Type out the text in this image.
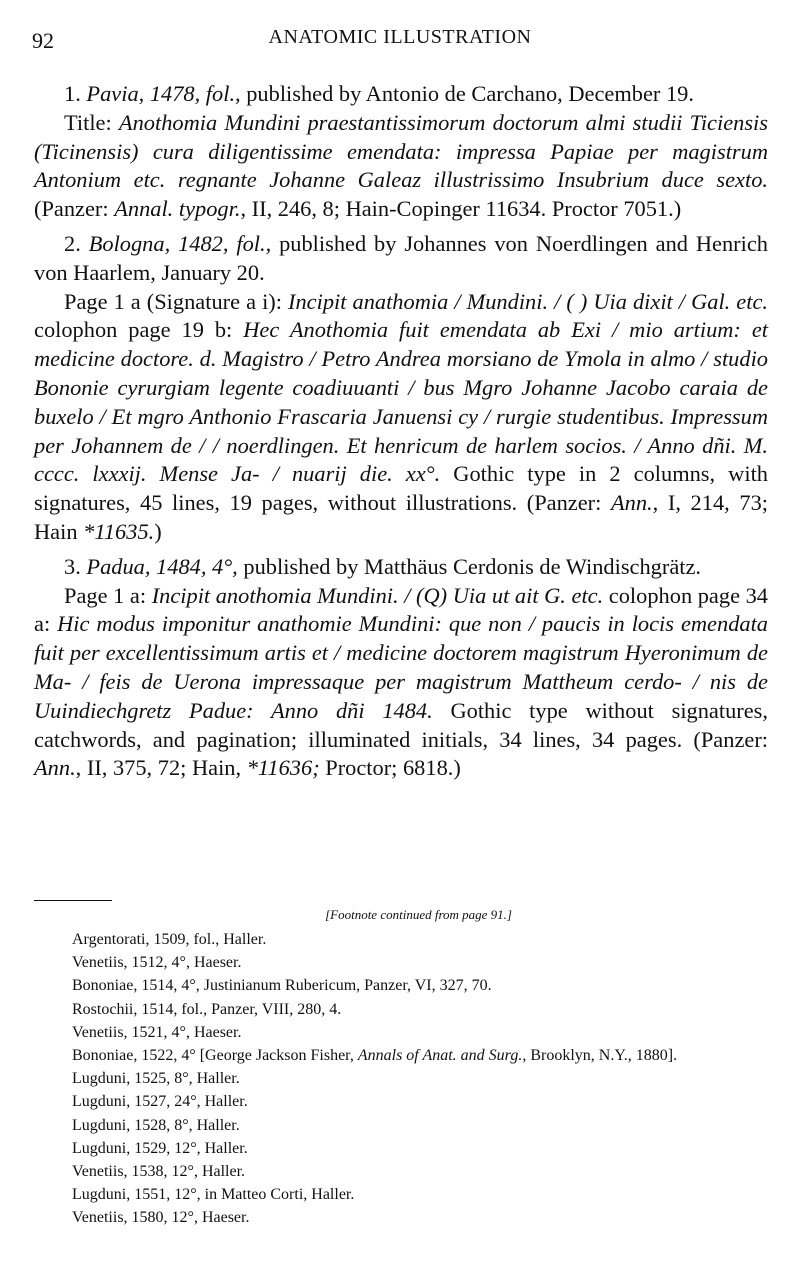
92	ANATOMIC ILLUSTRATION

1. Pavia, 1478, fol., published by Antonio de Carchano, December 19.

Title: Anothomia Mundini praestantissimorum doctorum almi studii Ticiensis (Ticinensis) cura diligentissime emendata: impressa Papiae per magistrum Antonium etc. regnante Johanne Galeaz illustrissimo Insubrium duce sexto. (Panzer: Annal. typogr., II, 246, 8; Hain-Copinger 11634. Proctor 7051.)

2. Bologna, 1482, fol., published by Johannes von Noerdlingen and Henrich von Haarlem, January 20.

Page 1 a (Signature a i): Incipit anathomia / Mundini. / ( ) Uia dixit / Gal. etc. colophon page 19 b: Hec Anothomia fuit emendata ab Exi / mio artium: et medicine doctore. d. Magistro / Petro Andrea morsiano de Ymola in almo / studio Bononie cyrurgiam legente coadiuuanti / bus Mgro Johanne Jacobo caraia de buxelo / Et mgro Anthonio Frascaria Januensi cy / rurgie studentibus. Impressum per Johannem de / / noerdlingen. Et henricum de harlem socios. / Anno dñi. M. cccc. lxxxij. Mense Ja- / nuarij die. xx°. Gothic type in 2 columns, with signatures, 45 lines, 19 pages, without illustrations. (Panzer: Ann., I, 214, 73; Hain *11635.)

3. Padua, 1484, 4°, published by Matthäus Cerdonis de Windischgrätz.

Page 1 a: Incipit anothomia Mundini. / (Q) Uia ut ait G. etc. colophon page 34 a: Hic modus imponitur anathomie Mundini: que non / paucis in locis emendata fuit per excellentissimum artis et / medicine doctorem magistrum Hyeronimum de Ma- / feis de Uerona impressaque per magistrum Mattheum cerdo- / nis de Uuindiechgretz Padue: Anno dñi 1484. Gothic type without signatures, catchwords, and pagination; illuminated initials, 34 lines, 34 pages. (Panzer: Ann., II, 375, 72; Hain, *11636; Proctor; 6818.)

[Footnote continued from page 91.]
Argentorati, 1509, fol., Haller.
Venetiis, 1512, 4°, Haeser.
Bononiae, 1514, 4°, Justinianum Rubericum, Panzer, VI, 327, 70.
Rostochii, 1514, fol., Panzer, VIII, 280, 4.
Venetiis, 1521, 4°, Haeser.
Bononiae, 1522, 4° [George Jackson Fisher, Annals of Anat. and Surg., Brooklyn, N.Y., 1880].
Lugduni, 1525, 8°, Haller.
Lugduni, 1527, 24°, Haller.
Lugduni, 1528, 8°, Haller.
Lugduni, 1529, 12°, Haller.
Venetiis, 1538, 12°, Haller.
Lugduni, 1551, 12°, in Matteo Corti, Haller.
Venetiis, 1580, 12°, Haeser.
